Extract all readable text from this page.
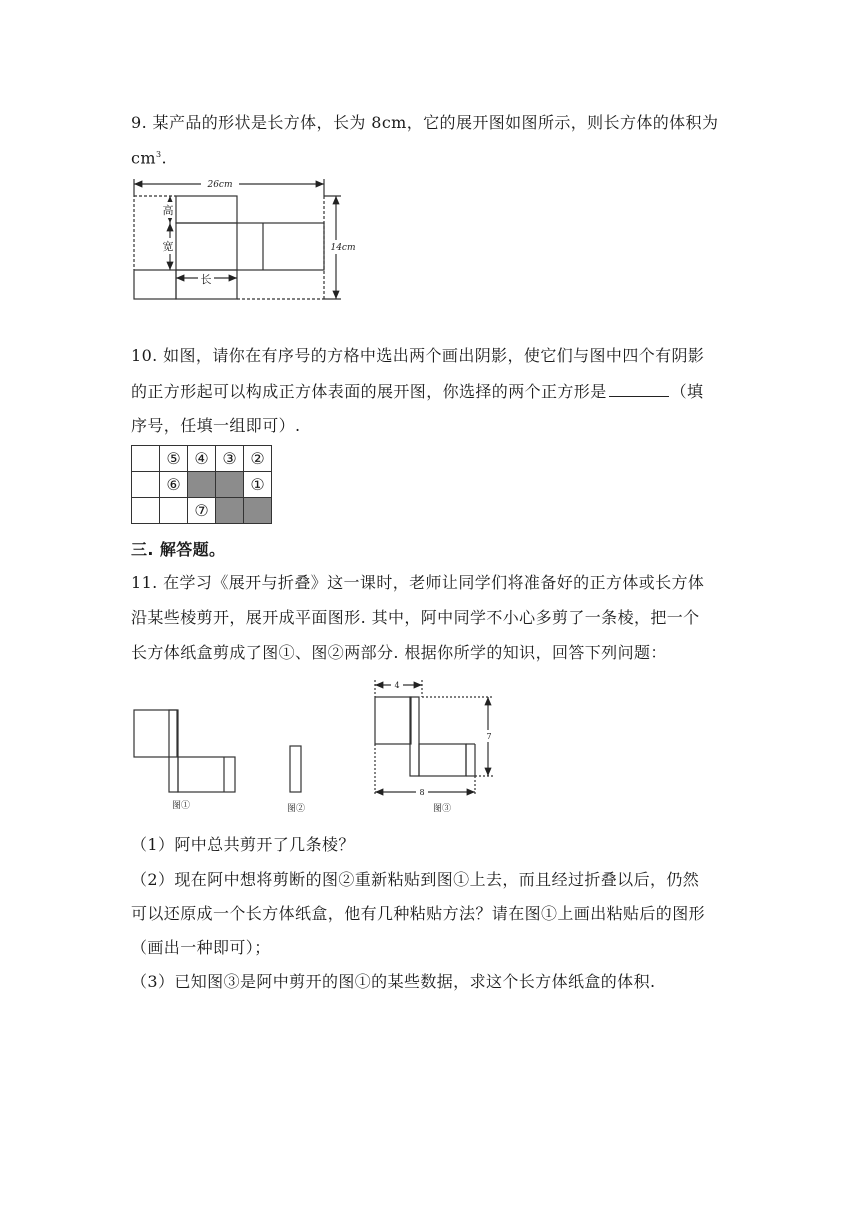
9. 某产品的形状是长方体，长为 8cm，它的展开图如图所示，则长方体的体积为
$cm^3$.
26cm
高
宽
长
14cm
10. 如图，请你在有序号的方格中选出两个画出阴影，使它们与图中四个有阴影
的正方形起可以构成正方体表面的展开图，你选择的两个正方形是	（填
序号，任填一组即可）.
	⑤	④	③	②
	⑥			①
		⑦		
三. 解答题。
11. 在学习《展开与折叠》这一课时，老师让同学们将准备好的正方体或长方体
沿某些棱剪开，展开成平面图形. 其中，阿中同学不小心多剪了一条棱，把一个
长方体纸盒剪成了图①、图②两部分. 根据你所学的知识，回答下列问题：
4
7
8
图①	图②	图③
（1）阿中总共剪开了几条棱？
（2）现在阿中想将剪断的图②重新粘贴到图①上去，而且经过折叠以后，仍然
可以还原成一个长方体纸盒，他有几种粘贴方法？请在图①上画出粘贴后的图形
（画出一种即可）；
（3）已知图③是阿中剪开的图①的某些数据，求这个长方体纸盒的体积.
